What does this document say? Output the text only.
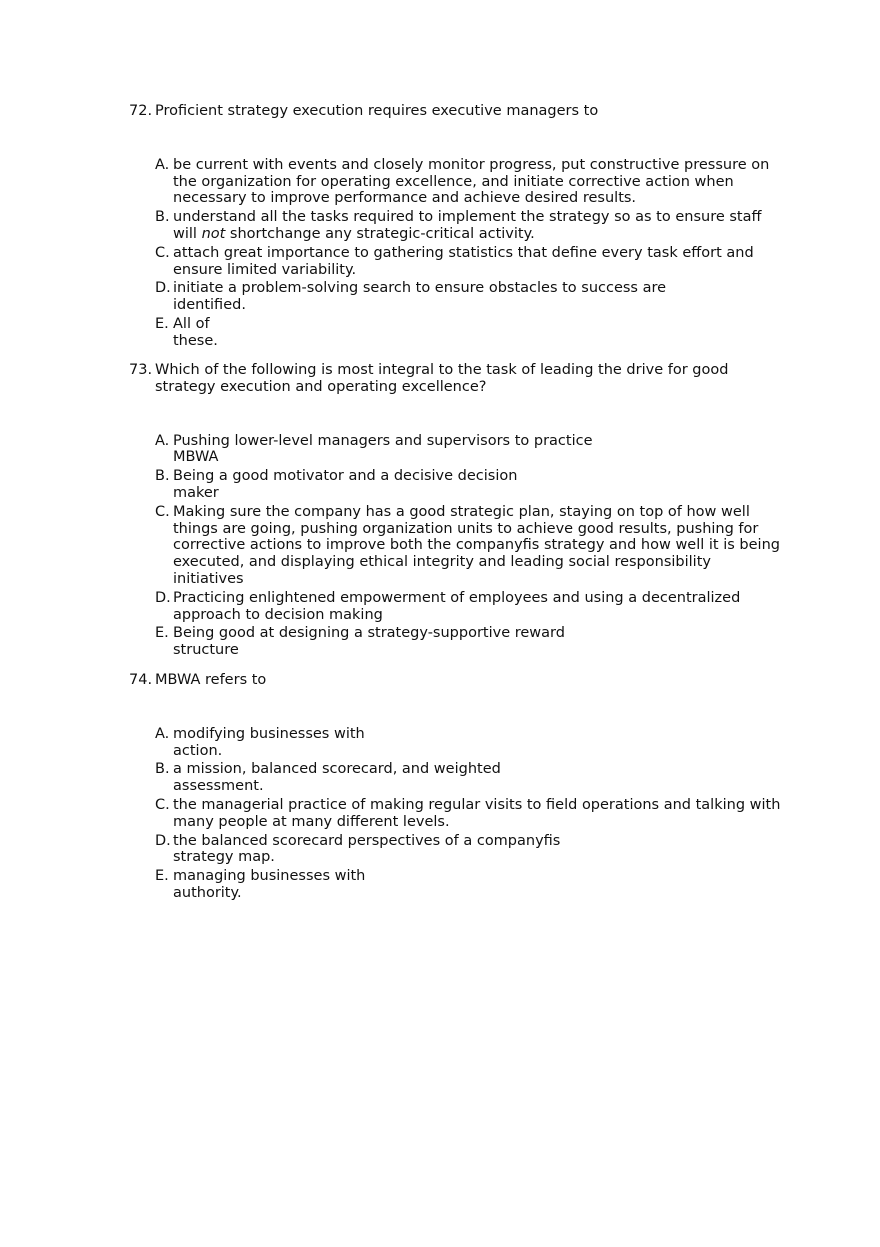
72. Proficient strategy execution requires executive managers to
A. be current with events and closely monitor progress, put constructive pressure on
the organization for operating excellence, and initiate corrective action when
necessary to improve performance and achieve desired results.
B. understand all the tasks required to implement the strategy so as to ensure staff
will not shortchange any strategic-critical activity.
C. attach great importance to gathering statistics that define every task effort and
ensure limited variability.
D. initiate a problem-solving search to ensure obstacles to success are
identified.
E. All of
these.
73. Which of the following is most integral to the task of leading the drive for good
strategy execution and operating excellence?
A. Pushing lower-level managers and supervisors to practice
MBWA
B. Being a good motivator and a decisive decision
maker
C. Making sure the company has a good strategic plan, staying on top of how well
things are going, pushing organization units to achieve good results, pushing for
corrective actions to improve both the companyfis strategy and how well it is being
executed, and displaying ethical integrity and leading social responsibility
initiatives
D. Practicing enlightened empowerment of employees and using a decentralized
approach to decision making
E. Being good at designing a strategy-supportive reward
structure
74. MBWA refers to
A. modifying businesses with
action.
B. a mission, balanced scorecard, and weighted
assessment.
C. the managerial practice of making regular visits to field operations and talking with
many people at many different levels.
D. the balanced scorecard perspectives of a companyfis
strategy map.
E. managing businesses with
authority.
